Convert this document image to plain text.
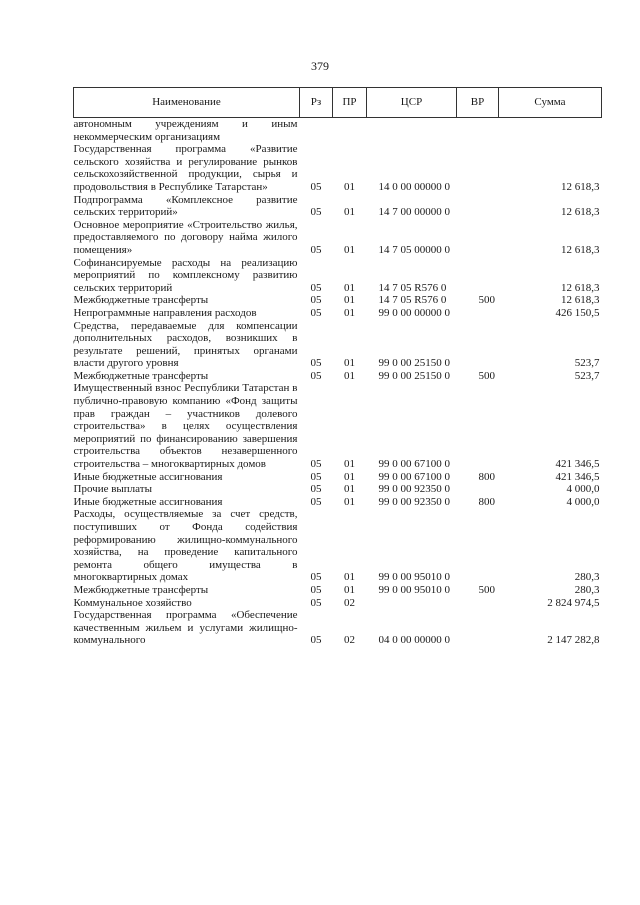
379
Наименование	Рз	ПР	ЦСР	ВР	Сумма
автономным учреждениям и иным некоммерческим организациям					
Государственная программа «Развитие сельского хозяйства и регулирование рынков сельскохозяйственной продукции, сырья и продовольствия в Республике Татарстан»	05	01	14 0 00 00000 0		12 618,3
Подпрограмма «Комплексное развитие сельских территорий»	05	01	14 7 00 00000 0		12 618,3
Основное мероприятие «Строительство жилья, предоставляемого по договору найма жилого помещения»	05	01	14 7 05 00000 0		12 618,3
Софинансируемые расходы на реализацию мероприятий по комплексному развитию сельских территорий	05	01	14 7 05 R576 0		12 618,3
Межбюджетные трансферты	05	01	14 7 05 R576 0	500	12 618,3
Непрограммные направления расходов	05	01	99 0 00 00000 0		426 150,5
Средства, передаваемые для компенсации дополнительных расходов, возникших в результате решений, принятых органами власти другого уровня	05	01	99 0 00 25150 0		523,7
Межбюджетные трансферты	05	01	99 0 00 25150 0	500	523,7
Имущественный взнос Республики Татарстан в публично-правовую компанию «Фонд защиты прав граждан – участников долевого строительства» в целях осуществления мероприятий по финансированию завершения строительства объектов незавершенного строительства – многоквартирных домов	05	01	99 0 00 67100 0		421 346,5
Иные бюджетные ассигнования	05	01	99 0 00 67100 0	800	421 346,5
Прочие выплаты	05	01	99 0 00 92350 0		4 000,0
Иные бюджетные ассигнования	05	01	99 0 00 92350 0	800	4 000,0
Расходы, осуществляемые за счет средств, поступивших от Фонда содействия реформированию жилищно-коммунального хозяйства, на проведение капитального ремонта общего имущества в многоквартирных домах	05	01	99 0 00 95010 0		280,3
Межбюджетные трансферты	05	01	99 0 00 95010 0	500	280,3
Коммунальное хозяйство	05	02			2 824 974,5
Государственная программа «Обеспечение качественным жильем и услугами жилищно-коммунального	05	02	04 0 00 00000 0		2 147 282,8
